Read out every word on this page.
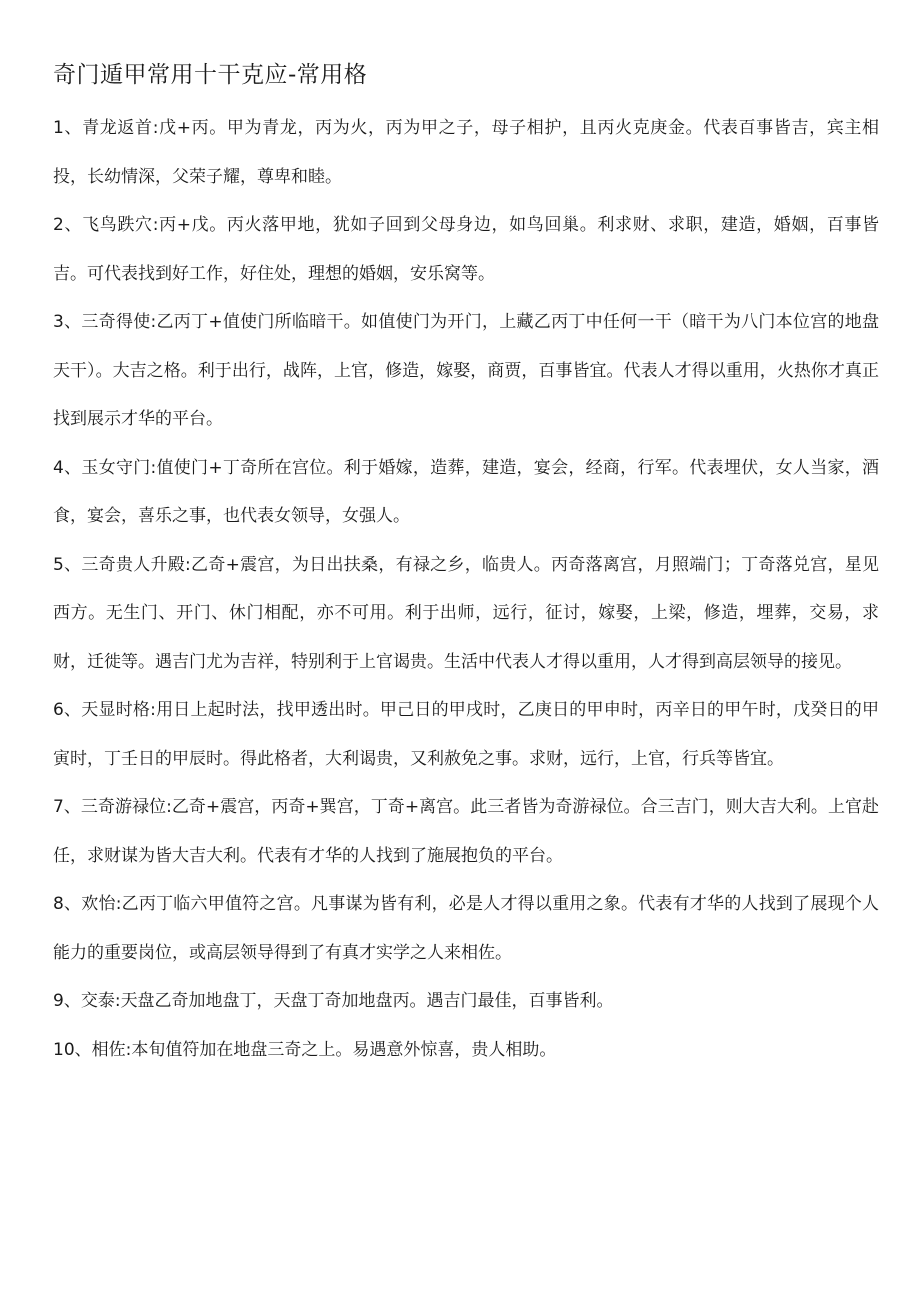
奇门遁甲常用十干克应-常用格

1、青龙返首:戊+丙。甲为青龙，丙为火，丙为甲之子，母子相护，且丙火克庚金。代表百事皆吉，宾主相投，长幼情深，父荣子耀，尊卑和睦。

2、飞鸟跌穴:丙+戊。丙火落甲地，犹如子回到父母身边，如鸟回巢。利求财、求职，建造，婚姻，百事皆吉。可代表找到好工作，好住处，理想的婚姻，安乐窝等。

3、三奇得使:乙丙丁+值使门所临暗干。如值使门为开门，上藏乙丙丁中任何一干（暗干为八门本位宫的地盘天干）。大吉之格。利于出行，战阵，上官，修造，嫁娶，商贾，百事皆宜。代表人才得以重用，火热你才真正找到展示才华的平台。

4、玉女守门:值使门+丁奇所在宫位。利于婚嫁，造葬，建造，宴会，经商，行军。代表埋伏，女人当家，酒食，宴会，喜乐之事，也代表女领导，女强人。

5、三奇贵人升殿:乙奇+震宫，为日出扶桑，有禄之乡，临贵人。丙奇落离宫，月照端门；丁奇落兑宫，星见西方。无生门、开门、休门相配，亦不可用。利于出师，远行，征讨，嫁娶，上梁，修造，埋葬，交易，求财，迁徙等。遇吉门尤为吉祥，特别利于上官谒贵。生活中代表人才得以重用，人才得到高层领导的接见。

6、天显时格:用日上起时法，找甲透出时。甲己日的甲戌时，乙庚日的甲申时，丙辛日的甲午时，戊癸日的甲寅时，丁壬日的甲辰时。得此格者，大利谒贵，又利赦免之事。求财，远行，上官，行兵等皆宜。

7、三奇游禄位:乙奇+震宫，丙奇+巽宫，丁奇+离宫。此三者皆为奇游禄位。合三吉门，则大吉大利。上官赴任，求财谋为皆大吉大利。代表有才华的人找到了施展抱负的平台。

8、欢怡:乙丙丁临六甲值符之宫。凡事谋为皆有利，必是人才得以重用之象。代表有才华的人找到了展现个人能力的重要岗位，或高层领导得到了有真才实学之人来相佐。

9、交泰:天盘乙奇加地盘丁，天盘丁奇加地盘丙。遇吉门最佳，百事皆利。

10、相佐:本旬值符加在地盘三奇之上。易遇意外惊喜，贵人相助。
